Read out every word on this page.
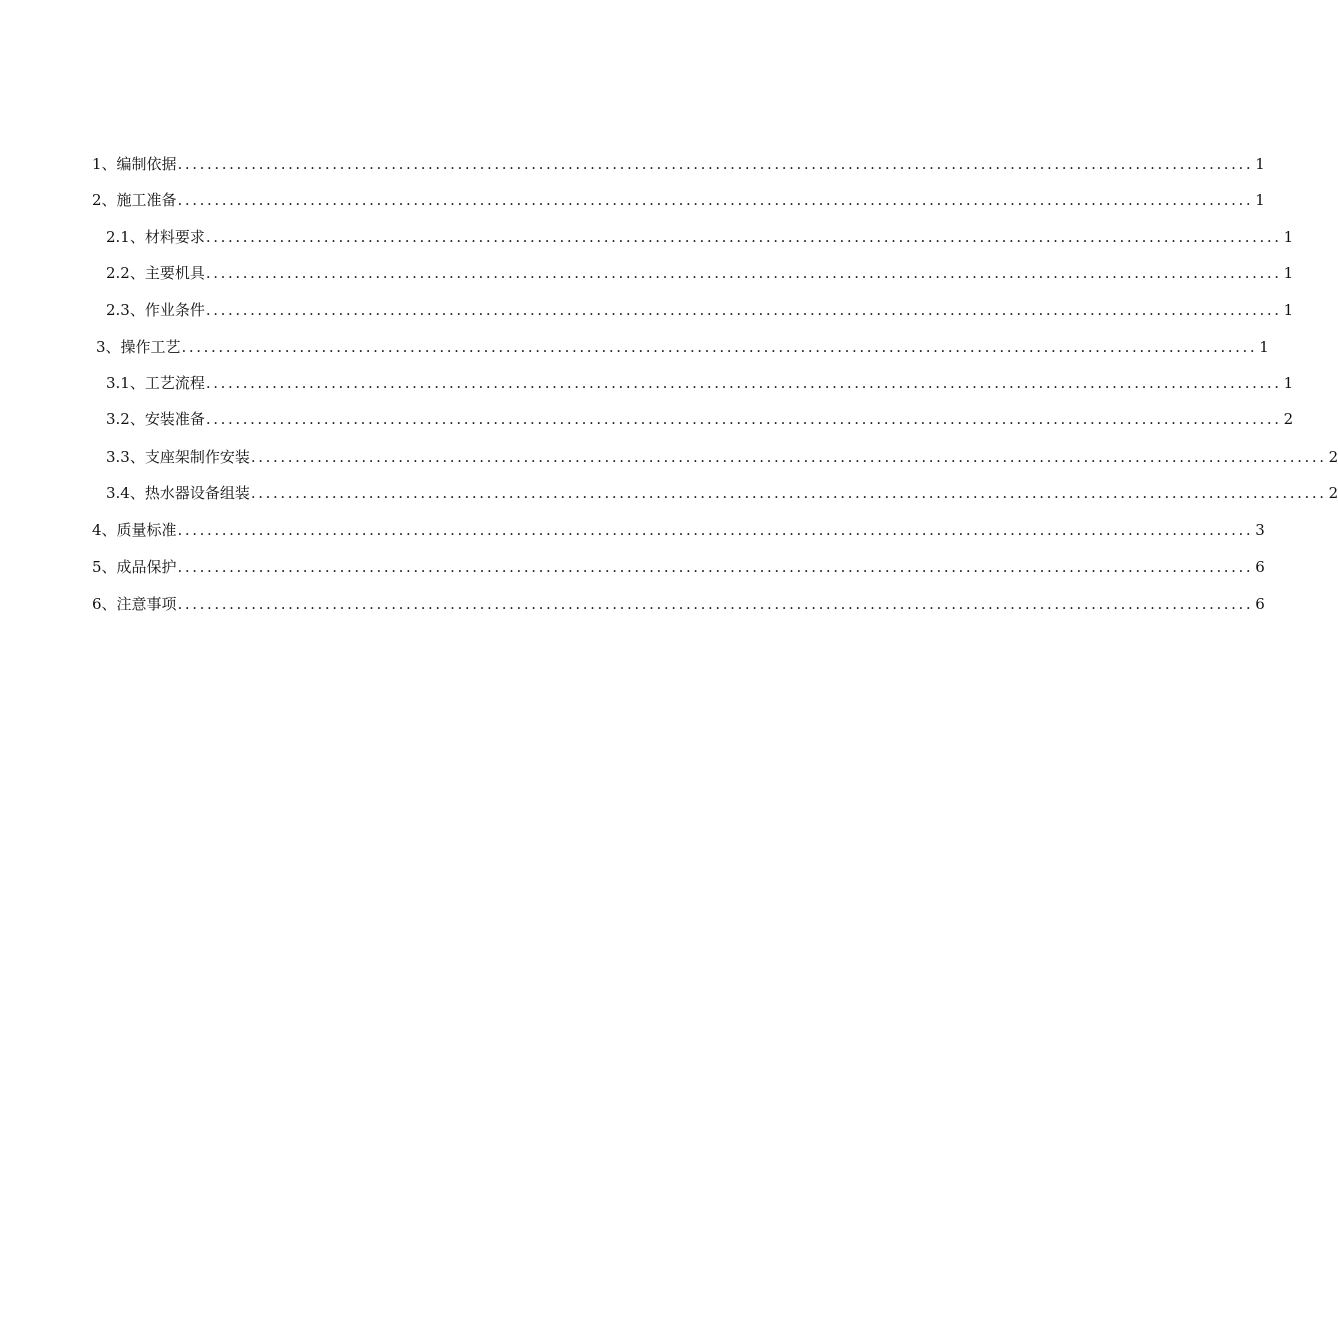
1、编制依据 .................................................................................................................................................. 1
2、施工准备 .................................................................................................................................................. 1
2.1、材料要求 .................................................................................................................................................. 1
2.2、主要机具 .................................................................................................................................................. 1
2.3、作业条件 .................................................................................................................................................. 1
3、操作工艺 .................................................................................................................................................. 1
3.1、工艺流程 .................................................................................................................................................. 1
3.2、安装准备 .................................................................................................................................................. 2
3.3、支座架制作安装 .................................................................................................................................................. 2
3.4、热水器设备组装 .................................................................................................................................................. 2
4、质量标准 .................................................................................................................................................. 3
5、成品保护 .................................................................................................................................................. 6
6、注意事项 .................................................................................................................................................. 6
